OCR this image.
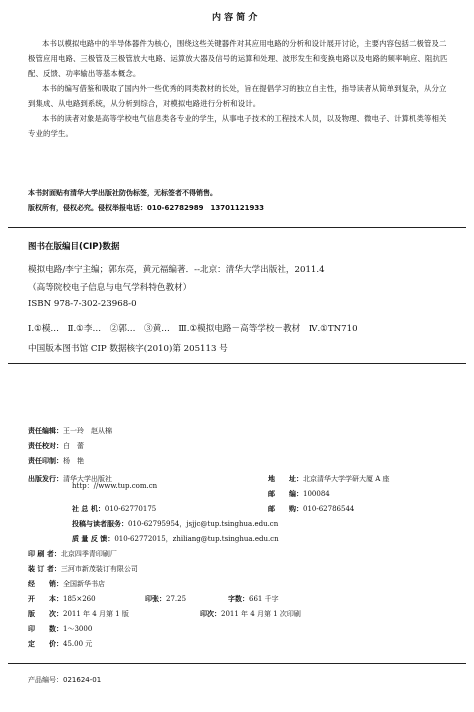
内 容 简 介

本书以模拟电路中的半导体器件为核心，围绕这些关键器件对其应用电路的分析和设计展开讨论，主要内容包括二极管及二极管应用电路、三极管及三极管放大电路、运算放大器及信号的运算和处理、波形发生和变换电路以及电路的频率响应、阻抗匹配、反馈、功率输出等基本概念。

本书的编写借鉴和吸取了国内外一些优秀的同类教材的长处，旨在提倡学习的独立自主性，指导读者从简单到复杂，从分立到集成、从电路到系统，从分析到综合，对模拟电路进行分析和设计。

本书的读者对象是高等学校电气信息类各专业的学生，从事电子技术的工程技术人员，以及物理、微电子、计算机类等相关专业的学生。

本书封面贴有清华大学出版社防伪标签，无标签者不得销售。
版权所有，侵权必究。侵权举报电话：010-62782989　13701121933
图书在版编目(CIP)数据
模拟电路/李宁主编；郭东亮，黄元福编著．--北京：清华大学出版社，2011.4
（高等院校电子信息与电气学科特色教材）
ISBN 978-7-302-23968-0
Ⅰ.①模…　Ⅱ.①李…　②郭…　③黄…　Ⅲ.①模拟电路－高等学校－教材　Ⅳ.①TN710
中国版本图书馆 CIP 数据核字(2010)第 205113 号
责任编辑：王一玲　赵从棉
责任校对：白　蕾
责任印制：杨　艳
出版发行：清华大学出版社	地　　址：北京清华大学学研大厦 A 座
http：//www.tup.com.cn
邮　　编：100084
社 总 机：010-62770175	邮　　购：010-62786544
投稿与读者服务：010-62795954，jsjjc@tup.tsinghua.edu.cn
质 量 反 馈：010-62772015，zhiliang@tup.tsinghua.edu.cn
印 刷 者：北京四季青印刷厂
装 订 者：三河市新茂装订有限公司
经　　销：全国新华书店
开　　本：185×260	印张：27.25	字数：661 千字
版　　次：2011 年 4 月第 1 版	印次：2011 年 4 月第 1 次印刷
印　　数：1～3000
定　　价：45.00 元
产品编号：021624-01
